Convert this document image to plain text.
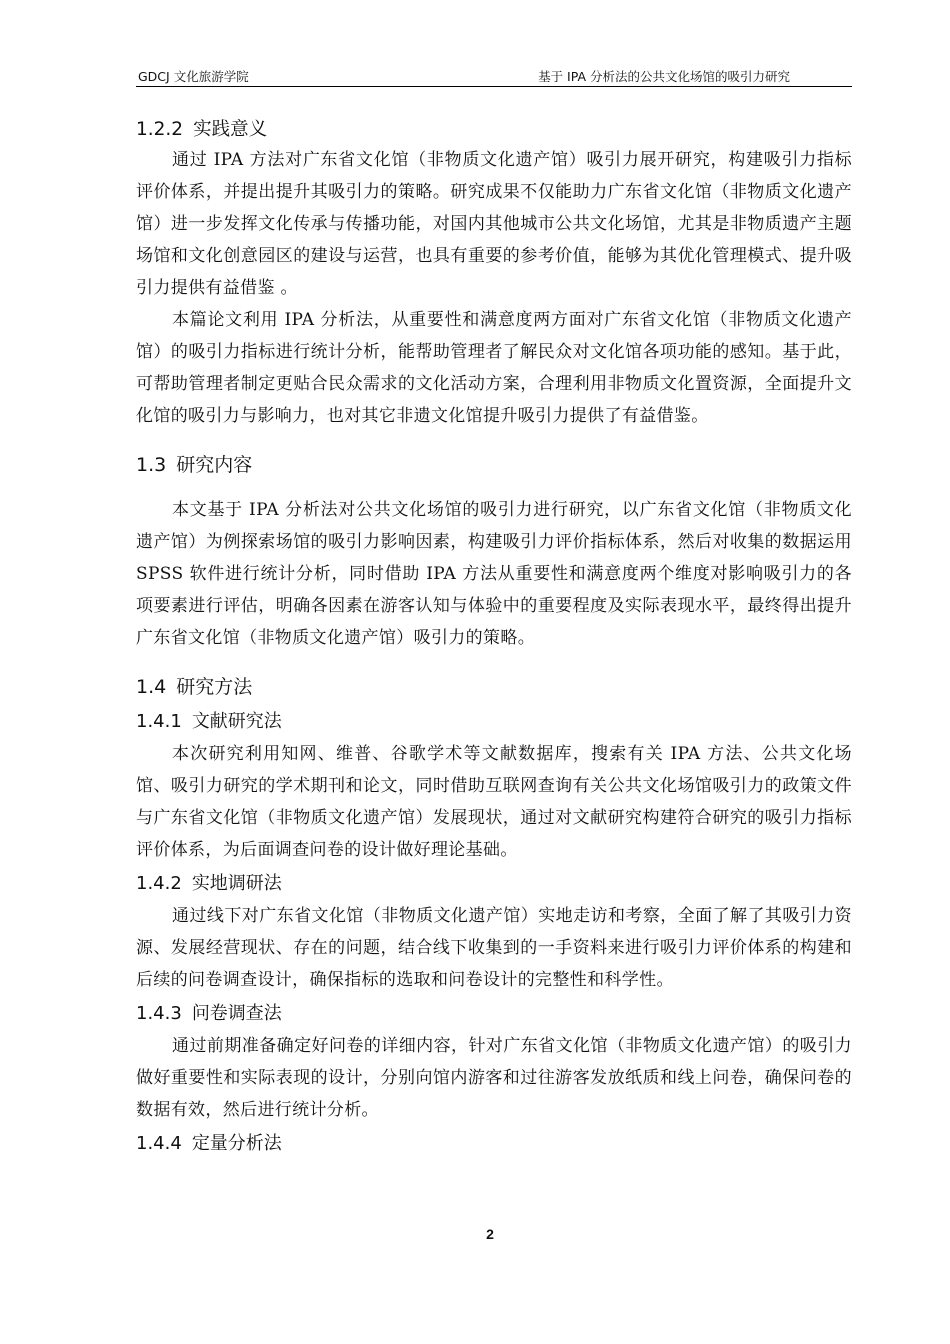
GDCJ 文化旅游学院	基于 IPA 分析法的公共文化场馆的吸引力研究
1.2.2 实践意义

通过 IPA 方法对广东省文化馆（非物质文化遗产馆）吸引力展开研究，构建吸引力指标评价体系，并提出提升其吸引力的策略。研究成果不仅能助力广东省文化馆（非物质文化遗产馆）进一步发挥文化传承与传播功能，对国内其他城市公共文化场馆，尤其是非物质遗产主题场馆和文化创意园区的建设与运营，也具有重要的参考价值，能够为其优化管理模式、提升吸引力提供有益借鉴 。

本篇论文利用 IPA 分析法，从重要性和满意度两方面对广东省文化馆（非物质文化遗产馆）的吸引力指标进行统计分析，能帮助管理者了解民众对文化馆各项功能的感知。基于此，可帮助管理者制定更贴合民众需求的文化活动方案，合理利用非物质文化置资源，全面提升文化馆的吸引力与影响力，也对其它非遗文化馆提升吸引力提供了有益借鉴。

1.3 研究内容

本文基于 IPA 分析法对公共文化场馆的吸引力进行研究，以广东省文化馆（非物质文化遗产馆）为例探索场馆的吸引力影响因素，构建吸引力评价指标体系，然后对收集的数据运用 SPSS 软件进行统计分析，同时借助 IPA 方法从重要性和满意度两个维度对影响吸引力的各项要素进行评估，明确各因素在游客认知与体验中的重要程度及实际表现水平，最终得出提升广东省文化馆（非物质文化遗产馆）吸引力的策略。

1.4 研究方法
1.4.1 文献研究法

本次研究利用知网、维普、谷歌学术等文献数据库，搜索有关 IPA 方法、公共文化场馆、吸引力研究的学术期刊和论文，同时借助互联网查询有关公共文化场馆吸引力的政策文件与广东省文化馆（非物质文化遗产馆）发展现状，通过对文献研究构建符合研究的吸引力指标评价体系，为后面调查问卷的设计做好理论基础。

1.4.2 实地调研法

通过线下对广东省文化馆（非物质文化遗产馆）实地走访和考察，全面了解了其吸引力资源、发展经营现状、存在的问题，结合线下收集到的一手资料来进行吸引力评价体系的构建和后续的问卷调查设计，确保指标的选取和问卷设计的完整性和科学性。

1.4.3 问卷调查法

通过前期准备确定好问卷的详细内容，针对广东省文化馆（非物质文化遗产馆）的吸引力做好重要性和实际表现的设计，分别向馆内游客和过往游客发放纸质和线上问卷，确保问卷的数据有效，然后进行统计分析。

1.4.4 定量分析法
2
